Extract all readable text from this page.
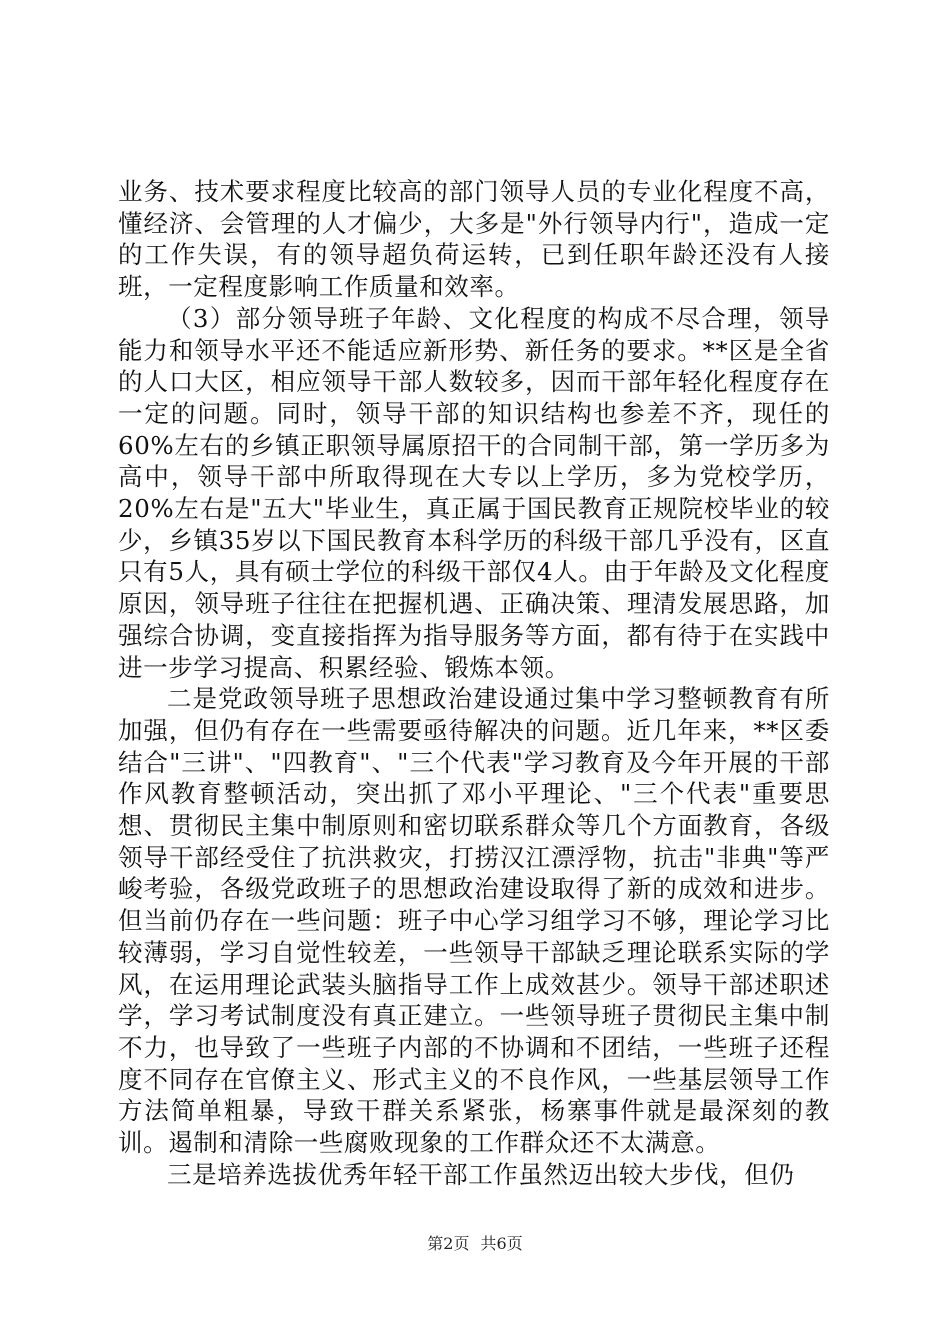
业务、技术要求程度比较高的部门领导人员的专业化程度不高，懂经济、会管理的人才偏少，大多是"外行领导内行"，造成一定的工作失误，有的领导超负荷运转，已到任职年龄还没有人接班，一定程度影响工作质量和效率。

（3）部分领导班子年龄、文化程度的构成不尽合理，领导能力和领导水平还不能适应新形势、新任务的要求。**区是全省的人口大区，相应领导干部人数较多，因而干部年轻化程度存在一定的问题。同时，领导干部的知识结构也参差不齐，现任的60%左右的乡镇正职领导属原招干的合同制干部，第一学历多为高中，领导干部中所取得现在大专以上学历，多为党校学历，20%左右是"五大"毕业生，真正属于国民教育正规院校毕业的较少，乡镇35岁以下国民教育本科学历的科级干部几乎没有，区直只有5人，具有硕士学位的科级干部仅4人。由于年龄及文化程度原因，领导班子往往在把握机遇、正确决策、理清发展思路，加强综合协调，变直接指挥为指导服务等方面，都有待于在实践中进一步学习提高、积累经验、锻炼本领。

二是党政领导班子思想政治建设通过集中学习整顿教育有所加强，但仍有存在一些需要亟待解决的问题。近几年来，**区委结合"三讲"、"四教育"、"三个代表"学习教育及今年开展的干部作风教育整顿活动，突出抓了邓小平理论、"三个代表"重要思想、贯彻民主集中制原则和密切联系群众等几个方面教育，各级领导干部经受住了抗洪救灾，打捞汉江漂浮物，抗击"非典"等严峻考验，各级党政班子的思想政治建设取得了新的成效和进步。但当前仍存在一些问题：班子中心学习组学习不够，理论学习比较薄弱，学习自觉性较差，一些领导干部缺乏理论联系实际的学风，在运用理论武装头脑指导工作上成效甚少。领导干部述职述学，学习考试制度没有真正建立。一些领导班子贯彻民主集中制不力，也导致了一些班子内部的不协调和不团结，一些班子还程度不同存在官僚主义、形式主义的不良作风，一些基层领导工作方法简单粗暴，导致干群关系紧张，杨寨事件就是最深刻的教训。遏制和清除一些腐败现象的工作群众还不太满意。

三是培养选拔优秀年轻干部工作虽然迈出较大步伐，但仍

第2页 共6页
